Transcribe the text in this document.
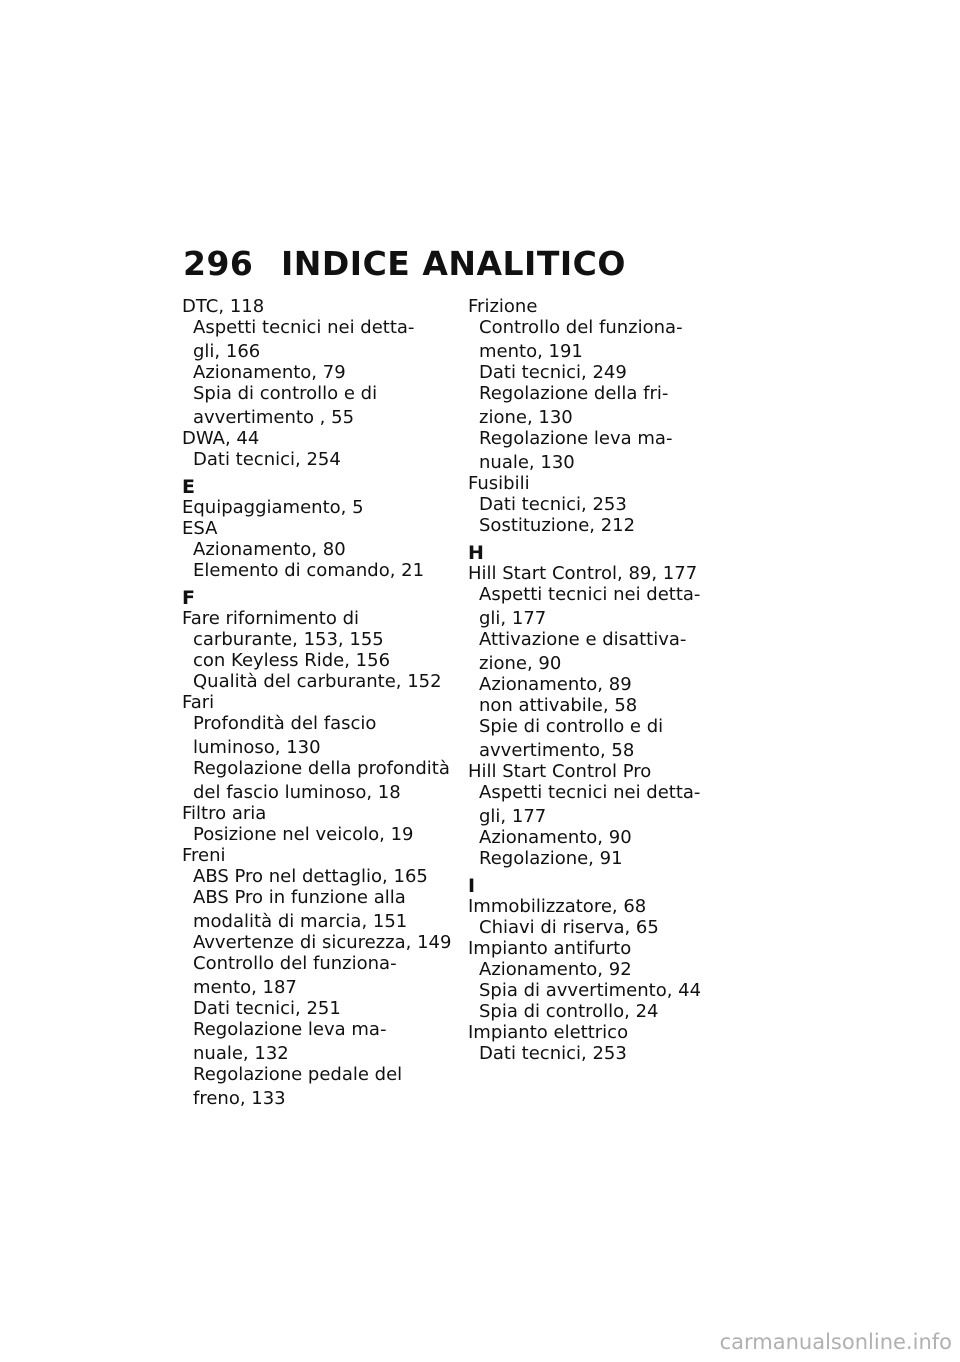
296 INDICE ANALITICO
DTC, 118
Aspetti tecnici nei detta-
gli, 166
Azionamento, 79
Spia di controllo e di
avvertimento , 55
DWA, 44
Dati tecnici, 254
E
Equipaggiamento, 5
ESA
Azionamento, 80
Elemento di comando, 21
F
Fare rifornimento di
carburante, 153, 155
con Keyless Ride, 156
Qualità del carburante, 152
Fari
Profondità del fascio
luminoso, 130
Regolazione della profondità
del fascio luminoso, 18
Filtro aria
Posizione nel veicolo, 19
Freni
ABS Pro nel dettaglio, 165
ABS Pro in funzione alla
modalità di marcia, 151
Avvertenze di sicurezza, 149
Controllo del funziona-
mento, 187
Dati tecnici, 251
Regolazione leva ma-
nuale, 132
Regolazione pedale del
freno, 133
Frizione
Controllo del funziona-
mento, 191
Dati tecnici, 249
Regolazione della fri-
zione, 130
Regolazione leva ma-
nuale, 130
Fusibili
Dati tecnici, 253
Sostituzione, 212
H
Hill Start Control, 89, 177
Aspetti tecnici nei detta-
gli, 177
Attivazione e disattiva-
zione, 90
Azionamento, 89
non attivabile, 58
Spie di controllo e di
avvertimento, 58
Hill Start Control Pro
Aspetti tecnici nei detta-
gli, 177
Azionamento, 90
Regolazione, 91
I
Immobilizzatore, 68
Chiavi di riserva, 65
Impianto antifurto
Azionamento, 92
Spia di avvertimento, 44
Spia di controllo, 24
Impianto elettrico
Dati tecnici, 253
carmanualsonline.info
